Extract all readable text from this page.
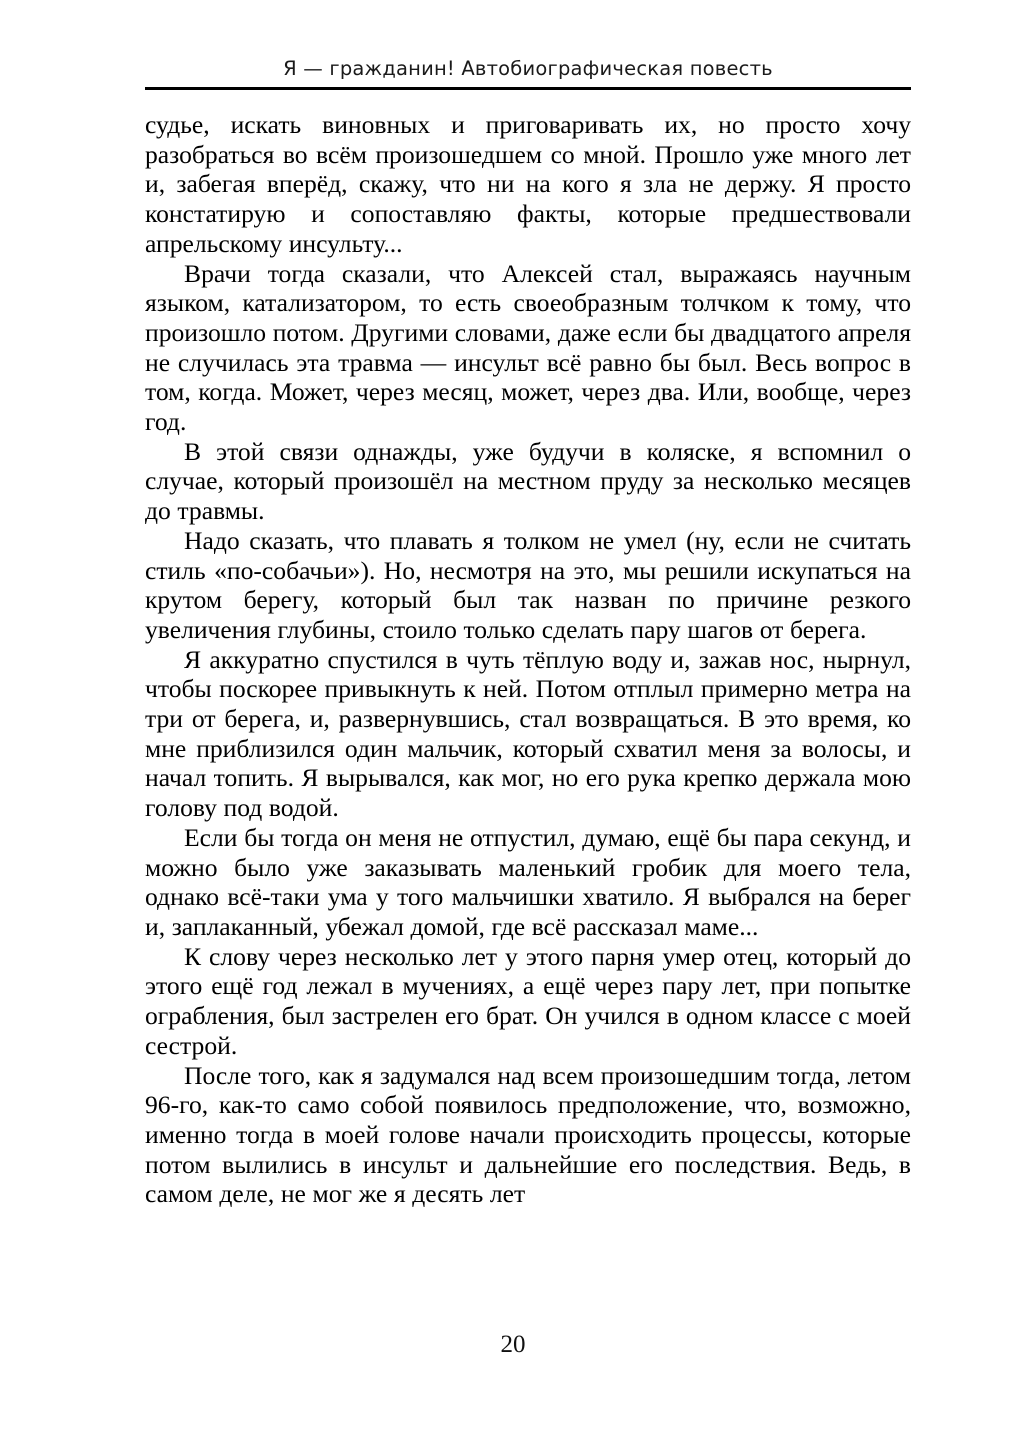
Я — гражданин! Автобиографическая повесть

судье, искать виновных и приговаривать их, но просто хочу разобраться во всём произошедшем со мной. Прошло уже много лет и, забегая вперёд, скажу, что ни на кого я зла не держу. Я просто констатирую и сопоставляю факты, которые предшествовали апрельскому инсульту...

Врачи тогда сказали, что Алексей стал, выражаясь научным языком, катализатором, то есть своеобразным толчком к тому, что произошло потом. Другими словами, даже если бы двадцатого апреля не случилась эта травма — инсульт всё равно бы был. Весь вопрос в том, когда. Может, через месяц, может, через два. Или, вообще, через год.

В этой связи однажды, уже будучи в коляске, я вспомнил о случае, который произошёл на местном пруду за несколько месяцев до травмы.

Надо сказать, что плавать я толком не умел (ну, если не считать стиль «по-собачьи»). Но, несмотря на это, мы решили искупаться на крутом берегу, который был так назван по причине резкого увеличения глубины, стоило только сделать пару шагов от берега.

Я аккуратно спустился в чуть тёплую воду и, зажав нос, нырнул, чтобы поскорее привыкнуть к ней. Потом отплыл примерно метра на три от берега, и, развернувшись, стал возвращаться. В это время, ко мне приблизился один мальчик, который схватил меня за волосы, и начал топить. Я вырывался, как мог, но его рука крепко держала мою голову под водой.

Если бы тогда он меня не отпустил, думаю, ещё бы пара секунд, и можно было уже заказывать маленький гробик для моего тела, однако всё-таки ума у того мальчишки хватило. Я выбрался на берег и, заплаканный, убежал домой, где всё рассказал маме...

К слову через несколько лет у этого парня умер отец, который до этого ещё год лежал в мучениях, а ещё через пару лет, при попытке ограбления, был застрелен его брат. Он учился в одном классе с моей сестрой.

После того, как я задумался над всем произошедшим тогда, летом 96-го, как-то само собой появилось предположение, что, возможно, именно тогда в моей голове начали происходить процессы, которые потом вылились в инсульт и дальнейшие его последствия. Ведь, в самом деле, не мог же я десять лет

20
